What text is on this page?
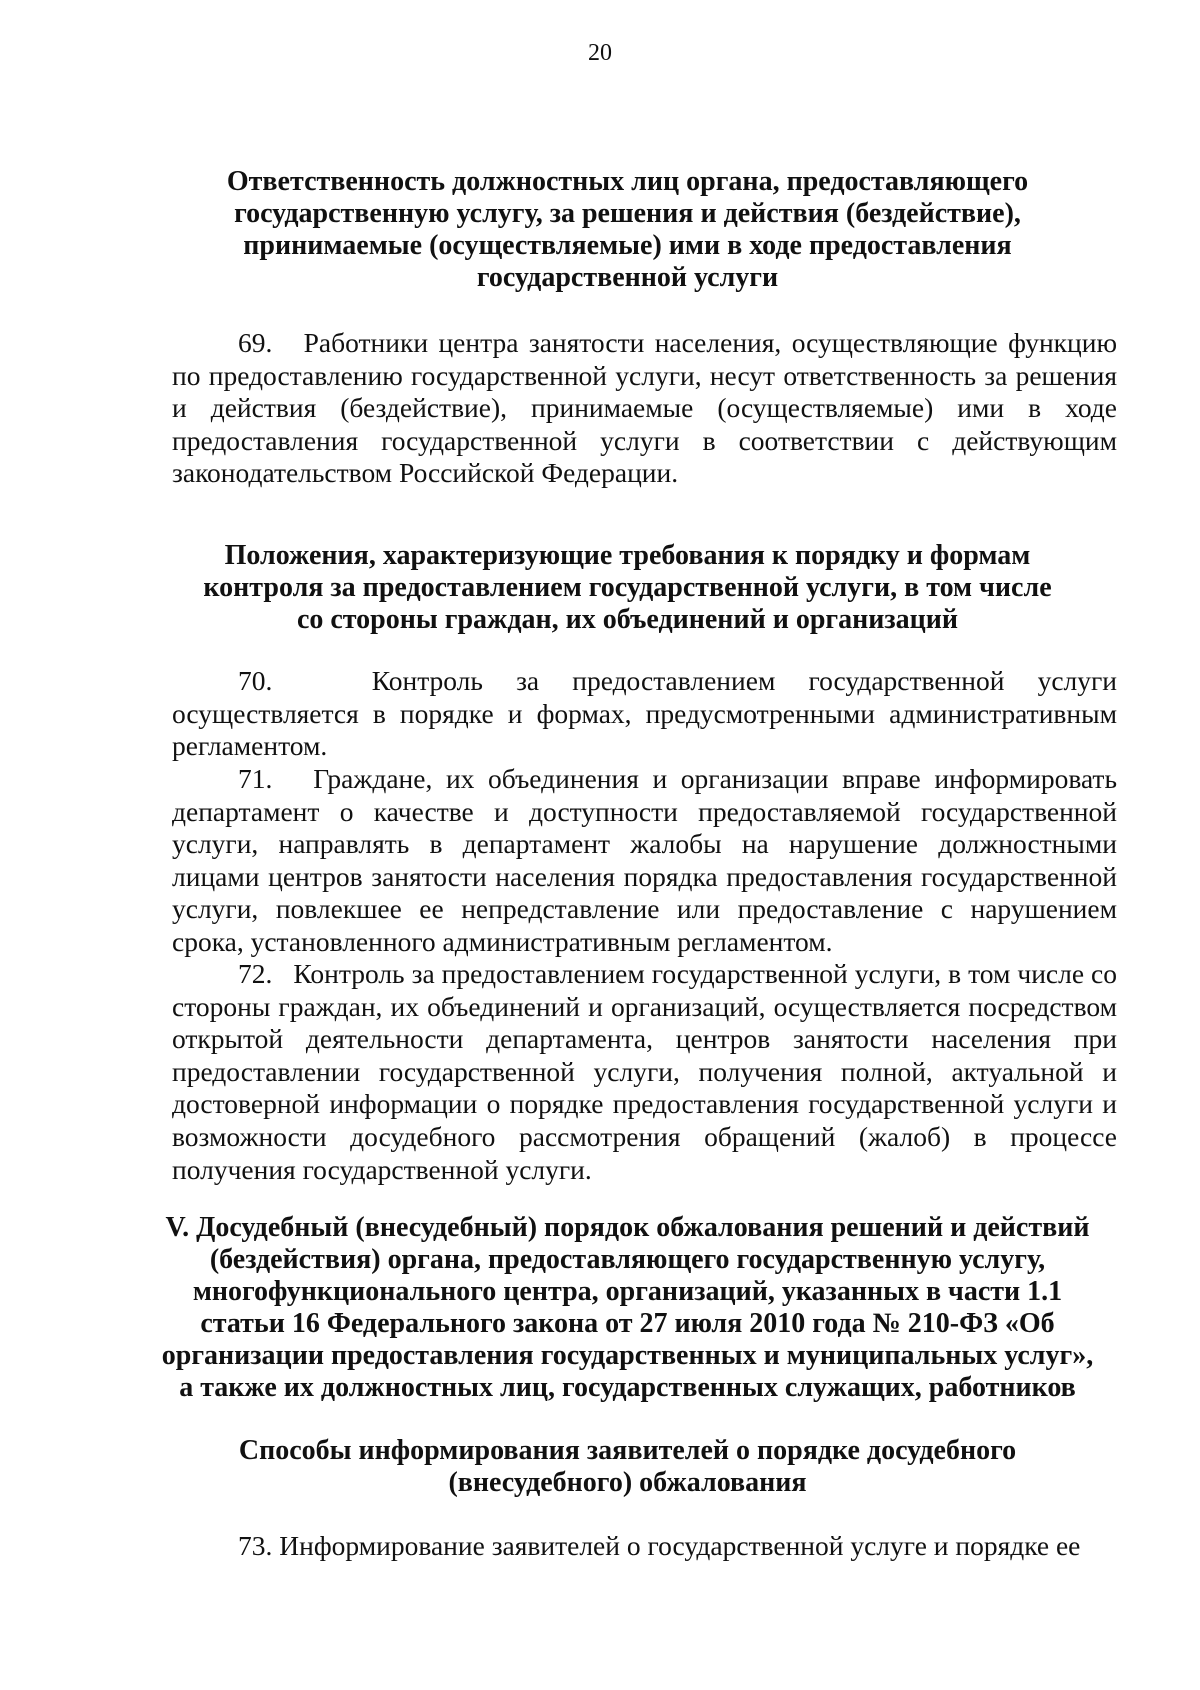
20
Ответственность должностных лиц органа, предоставляющего
государственную услугу, за решения и действия (бездействие),
принимаемые (осуществляемые) ими в ходе предоставления
государственной услуги
69. Работники центра занятости населения, осуществляющие функцию по предоставлению государственной услуги, несут ответственность за решения и действия (бездействие), принимаемые (осуществляемые) ими в ходе предоставления государственной услуги в соответствии с действующим законодательством Российской Федерации.
Положения, характеризующие требования к порядку и формам
контроля за предоставлением государственной услуги, в том числе
со стороны граждан, их объединений и организаций
70.	Контроль за предоставлением государственной услуги осуществляется в порядке и формах, предусмотренными административным регламентом.
71. Граждане, их объединения и организации вправе информировать департамент о качестве и доступности предоставляемой государственной услуги, направлять в департамент жалобы на нарушение должностными лицами центров занятости населения порядка предоставления государственной услуги, повлекшее ее непредставление или предоставление с нарушением срока, установленного административным регламентом.
72. Контроль за предоставлением государственной услуги, в том числе со стороны граждан, их объединений и организаций, осуществляется посредством открытой деятельности департамента, центров занятости населения при предоставлении государственной услуги, получения полной, актуальной и достоверной информации о порядке предоставления государственной услуги и возможности досудебного рассмотрения обращений (жалоб) в процессе получения государственной услуги.
V. Досудебный (внесудебный) порядок обжалования решений и действий
(бездействия) органа, предоставляющего государственную услугу,
многофункционального центра, организаций, указанных в части 1.1
статьи 16 Федерального закона от 27 июля 2010 года № 210-ФЗ «Об
организации предоставления государственных и муниципальных услуг»,
а также их должностных лиц, государственных служащих, работников
Способы информирования заявителей о порядке досудебного
(внесудебного) обжалования
73. Информирование заявителей о государственной услуге и порядке ее
